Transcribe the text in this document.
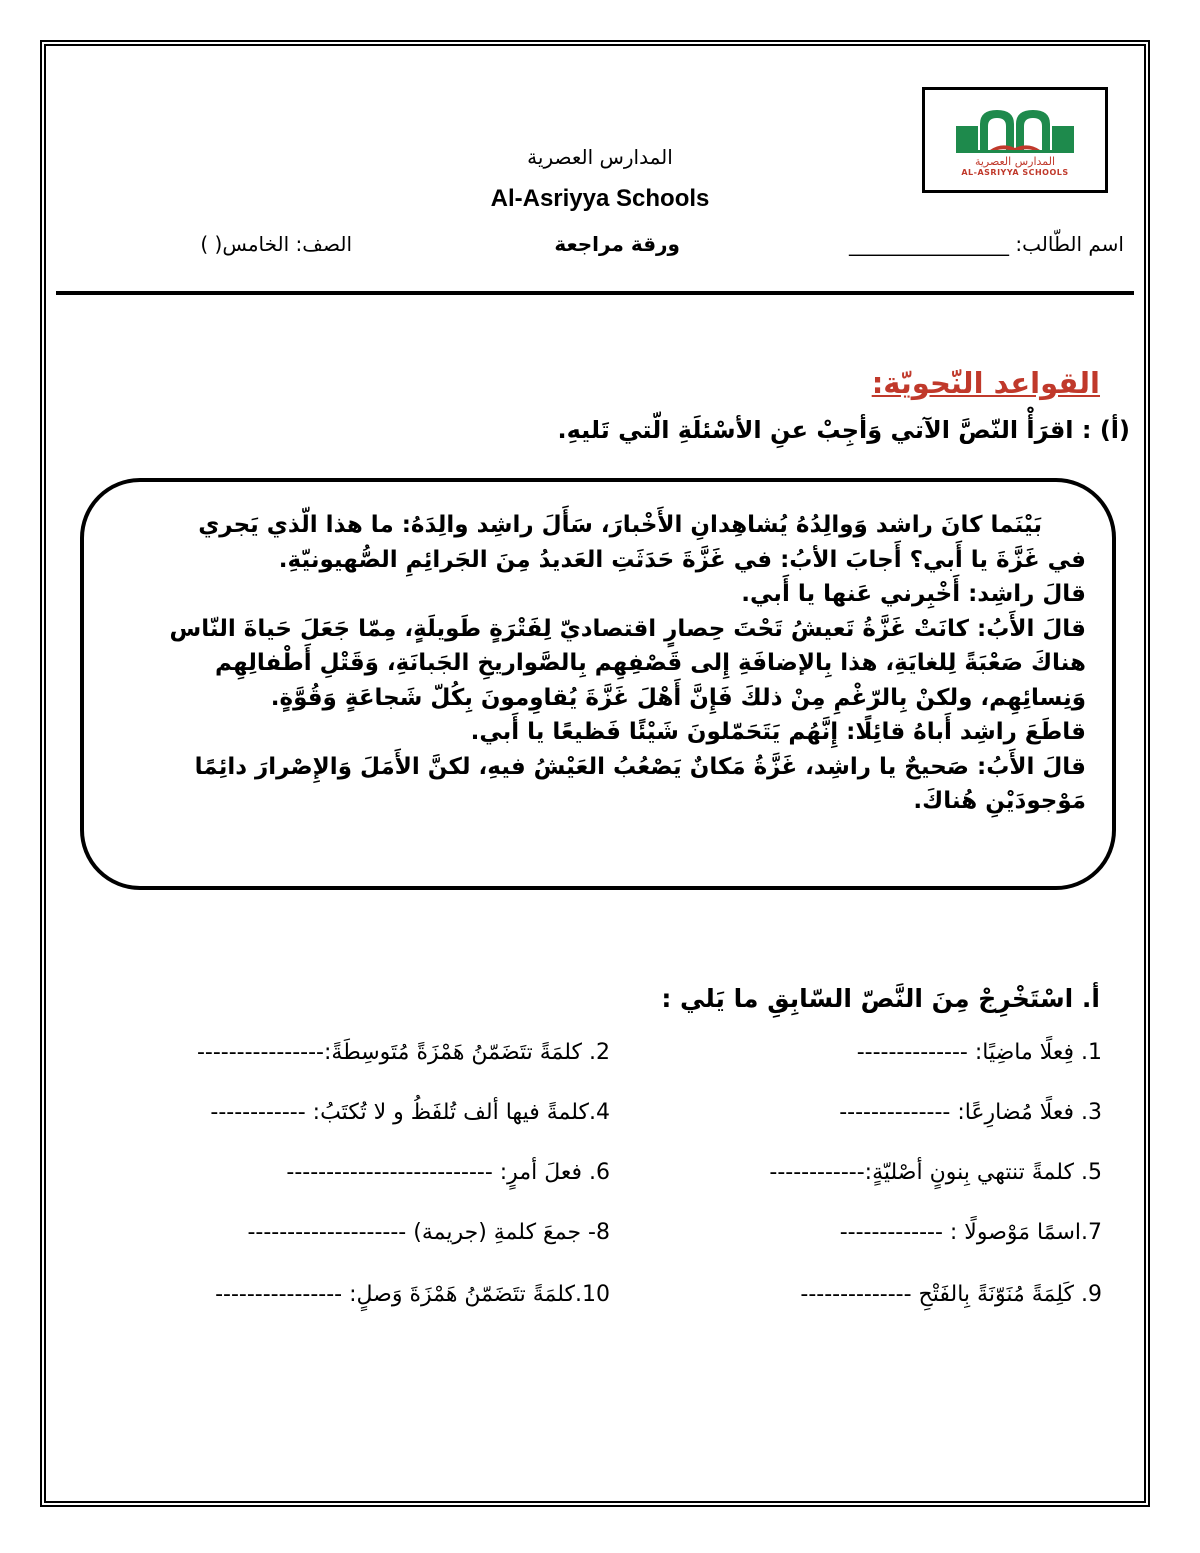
المدارس العصرية
AL-ASRIYYA SCHOOLS
المدارس العصرية
Al-Asriyya Schools
اسم الطّالب: ________________
ورقة مراجعة
الصف: الخامس( )
القواعد النّحويّة:
(أ) : اقرَأْ النّصَّ الآتي وَأجِبْ عنِ الأسْئلَةِ الّتي تَليهِ.
بَيْنَما كانَ راشد وَوالِدُهُ يُشاهِدانِ الأَخْبارَ، سَأَلَ راشِد والِدَهُ: ما هذا الّذي يَجري
في غَزَّةَ يا أَبي؟ أَجابَ الأبُ: في غَزَّةَ حَدَثَتِ العَديدُ مِنَ الجَرائِمِ الصُّهيونيّةِ.
قالَ راشِد: أَخْبِرني عَنها يا أَبي.
قالَ الأَبُ: كانَتْ غَزَّةُ تَعيشُ تَحْتَ حِصارٍ اقتصاديّ لِفَتْرَةٍ طَويلَةٍ، مِمّا جَعَلَ حَياةَ النّاس
هناكَ صَعْبَةً لِلغايَةِ، هذا بِالإضافَةِ إِلى قَصْفِهِم بِالصَّواريخِ الجَبانَةِ، وَقَتْلِ أَطْفالِهِم
وَنِسائِهِم، ولكنْ بِالرّغْمِ مِنْ ذلكَ فَإِنَّ أَهْلَ غَزَّةَ يُقاوِمونَ بِكُلّ شَجاعَةٍ وَقُوَّةٍ.
قاطَعَ راشِد أَباهُ قائِلًا: إِنَّهُم يَتَحَمّلونَ شَيْئًا فَظيعًا يا أَبي.
قالَ الأَبُ: صَحيحٌ يا راشِد، غَزَّةُ مَكانٌ يَصْعُبُ العَيْشُ فيهِ، لكنَّ الأَمَلَ وَالإِصْرارَ دائِمًا
مَوْجودَيْنِ هُناكَ.
أ. اسْتَخْرِجْ مِنَ النَّصّ السّابِقِ ما يَلي :
1. فِعلًا ماضِيًا: --------------
2. كلمَةً تتَضَمّنُ هَمْزَةً مُتَوسِطَةً:----------------
3. فعلًا مُضارِعًا: --------------
4.كلمةً فيها ألف تُلفَظُ و لا تُكتَبُ: ------------
5. كلمةً تنتهي بِنونٍ أصْليّةٍ:------------
6. فعلَ أمرٍ: --------------------------
7.اسمًا مَوْصولًا : -------------
8- جمعَ كلمةِ (جريمة) --------------------
9. كَلِمَةً مُنَوّنَةً بِالفَتْحِ --------------
10.كلمَةً تتَضَمّنُ هَمْزَةَ وَصلٍ: ----------------
